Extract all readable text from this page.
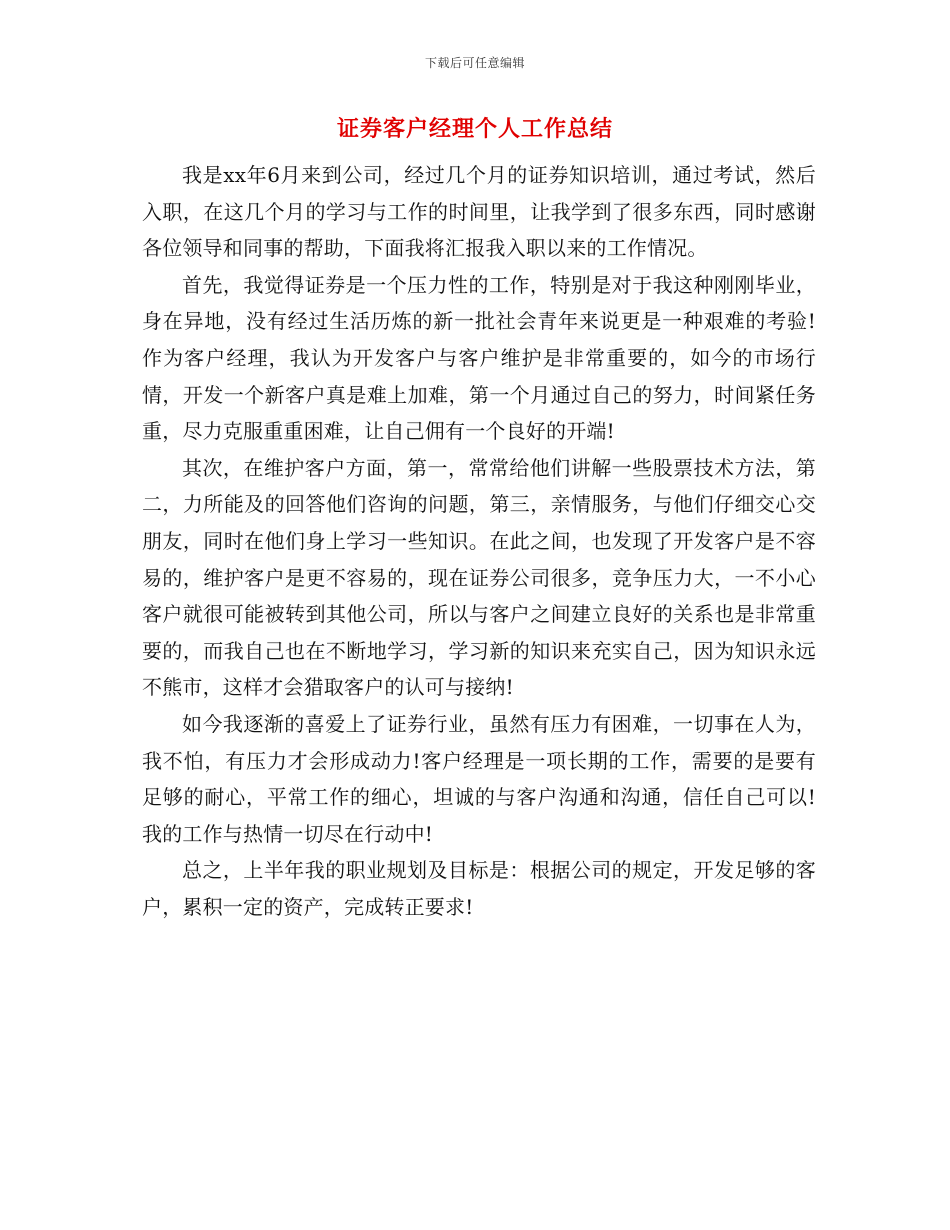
下载后可任意编辑
证券客户经理个人工作总结

我是xx年6月来到公司，经过几个月的证券知识培训，通过考试，然后入职，在这几个月的学习与工作的时间里，让我学到了很多东西，同时感谢各位领导和同事的帮助，下面我将汇报我入职以来的工作情况。

首先，我觉得证券是一个压力性的工作，特别是对于我这种刚刚毕业，身在异地，没有经过生活历炼的新一批社会青年来说更是一种艰难的考验!作为客户经理，我认为开发客户与客户维护是非常重要的，如今的市场行情，开发一个新客户真是难上加难，第一个月通过自己的努力，时间紧任务重，尽力克服重重困难，让自己佣有一个良好的开端!

其次，在维护客户方面，第一，常常给他们讲解一些股票技术方法，第二，力所能及的回答他们咨询的问题，第三，亲情服务，与他们仔细交心交朋友，同时在他们身上学习一些知识。在此之间，也发现了开发客户是不容易的，维护客户是更不容易的，现在证券公司很多，竞争压力大，一不小心客户就很可能被转到其他公司，所以与客户之间建立良好的关系也是非常重要的，而我自己也在不断地学习，学习新的知识来充实自己，因为知识永远不熊市，这样才会猎取客户的认可与接纳!

如今我逐渐的喜爱上了证券行业，虽然有压力有困难，一切事在人为，我不怕，有压力才会形成动力!客户经理是一项长期的工作，需要的是要有足够的耐心，平常工作的细心，坦诚的与客户沟通和沟通，信任自己可以!我的工作与热情一切尽在行动中!

总之，上半年我的职业规划及目标是：根据公司的规定，开发足够的客户，累积一定的资产，完成转正要求!
